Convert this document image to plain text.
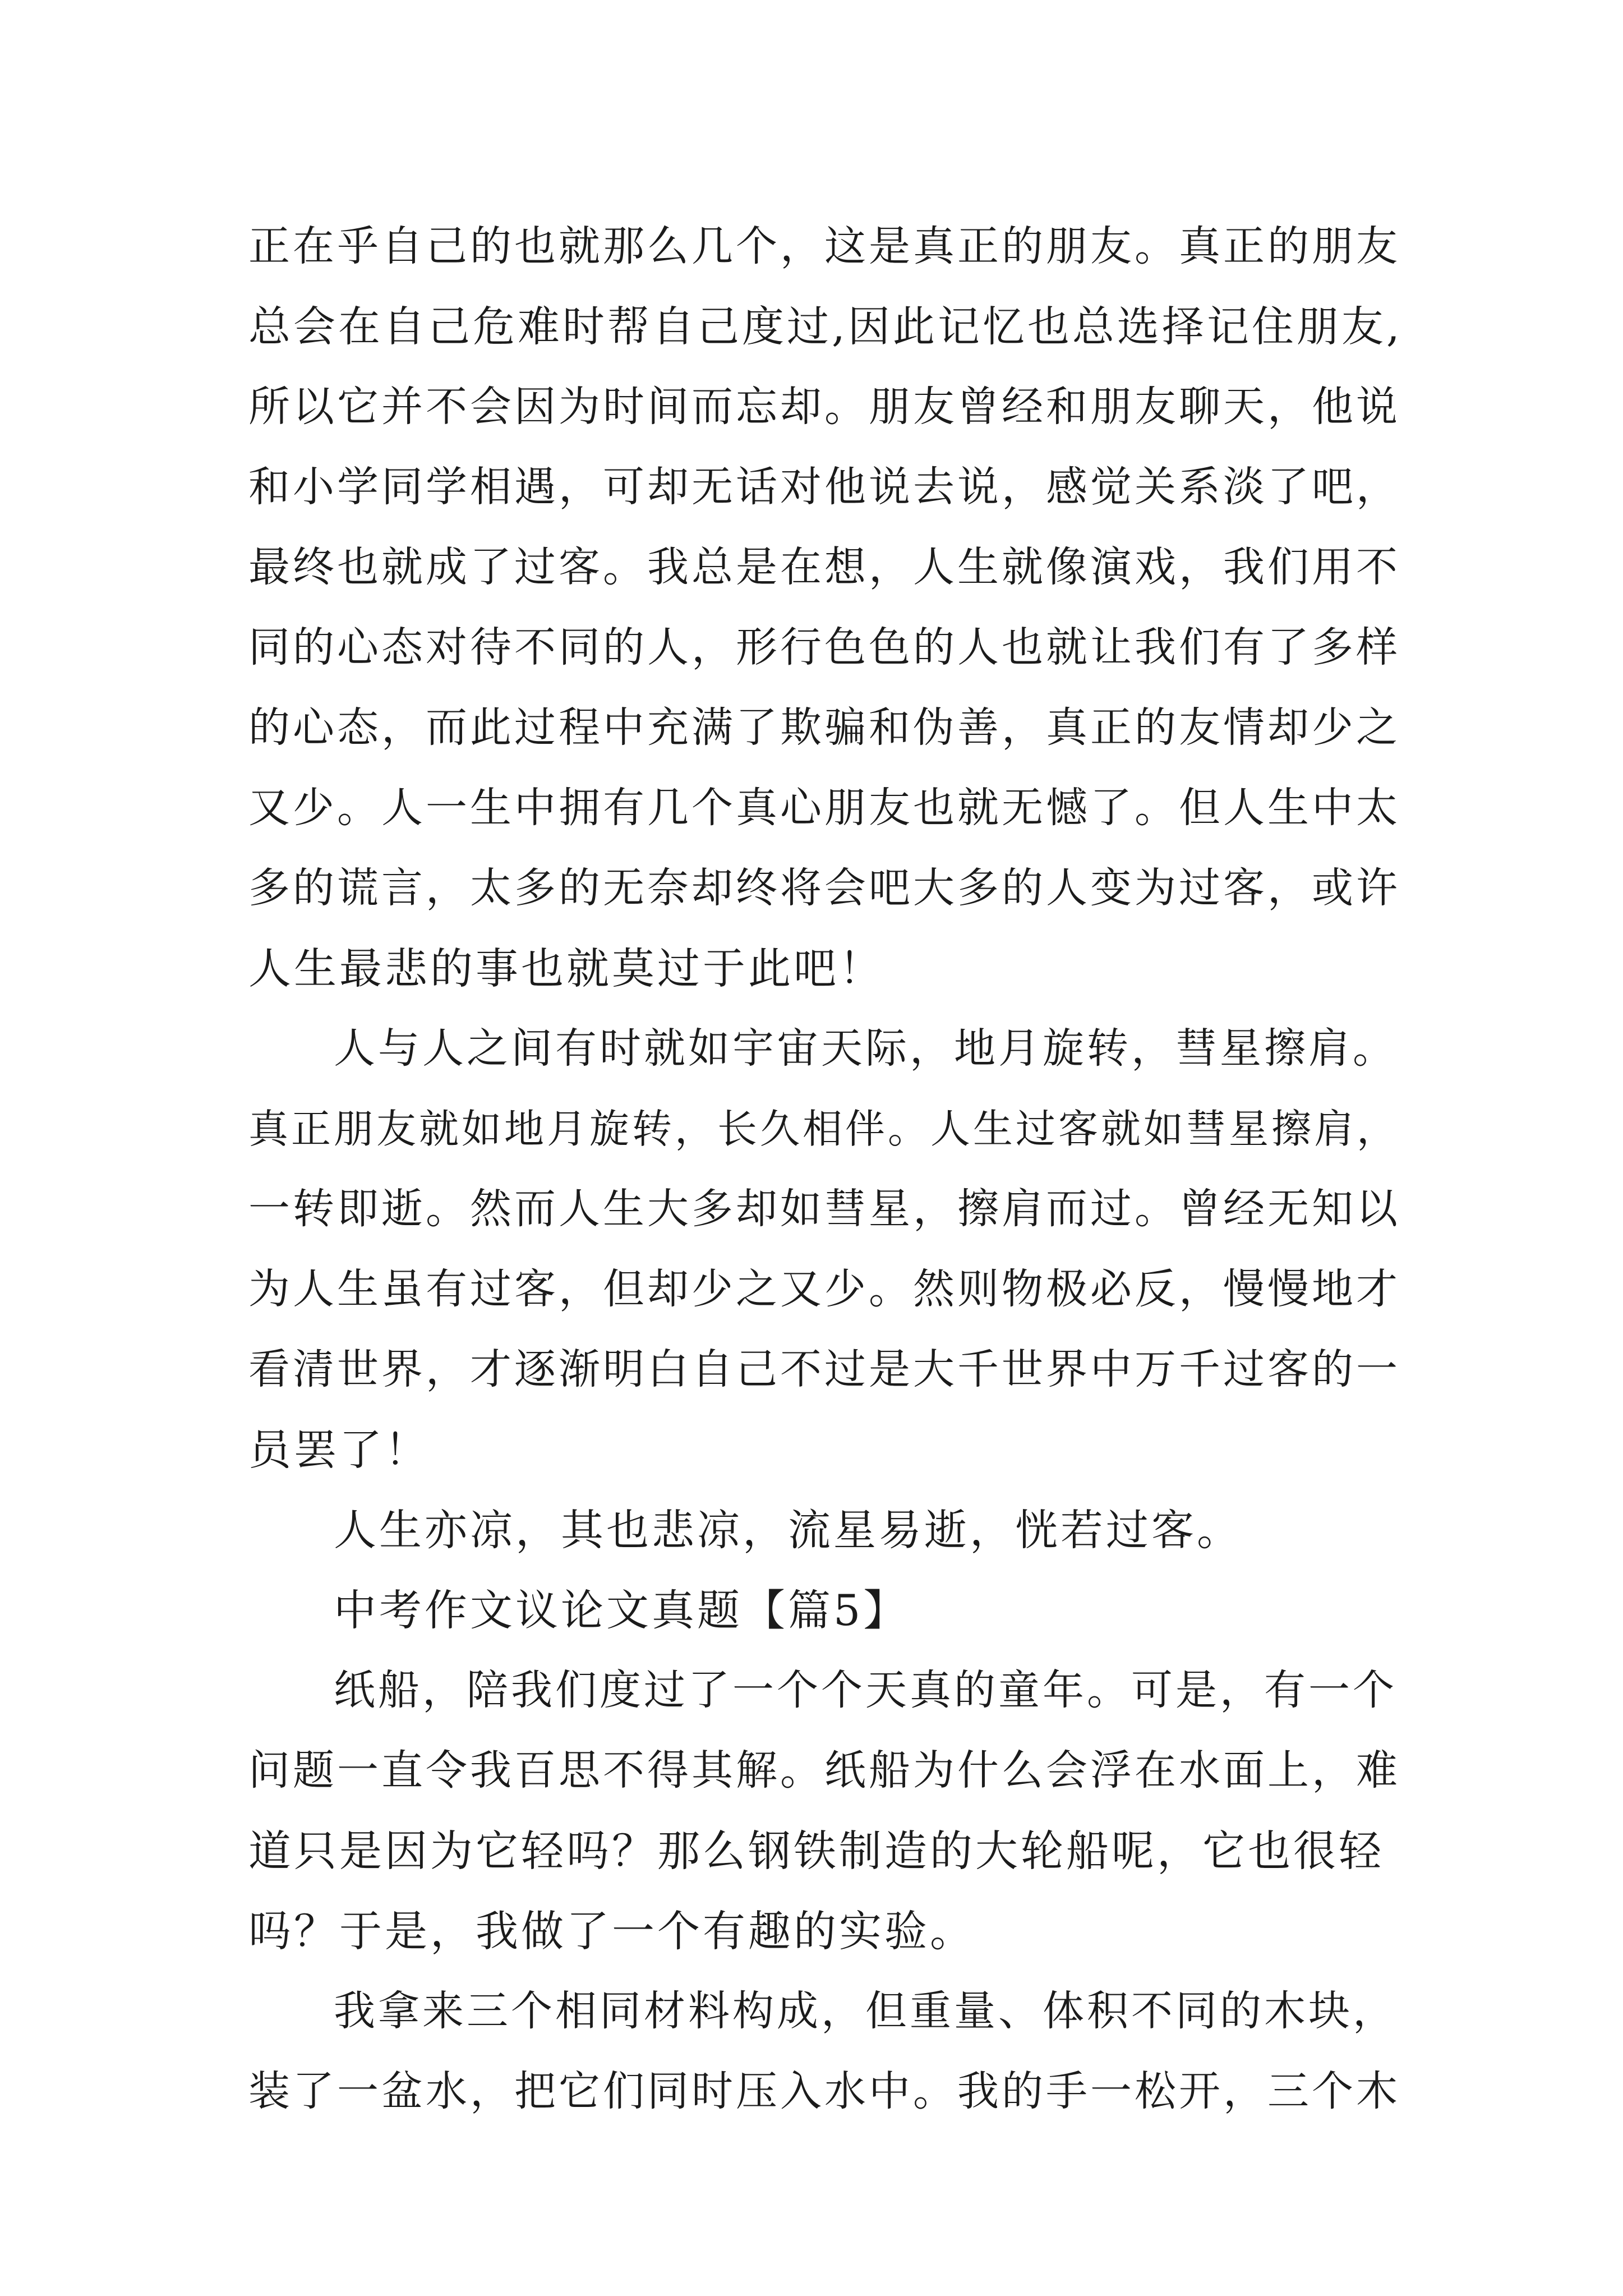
正在乎自己的也就那么几个，这是真正的朋友。真正的朋友
总会在自己危难时帮自己度过,因此记忆也总选择记住朋友,
所以它并不会因为时间而忘却。朋友曾经和朋友聊天，他说
和小学同学相遇，可却无话对他说去说，感觉关系淡了吧，
最终也就成了过客。我总是在想，人生就像演戏，我们用不
同的心态对待不同的人，形行色色的人也就让我们有了多样
的心态，而此过程中充满了欺骗和伪善，真正的友情却少之
又少。人一生中拥有几个真心朋友也就无憾了。但人生中太
多的谎言，太多的无奈却终将会吧大多的人变为过客，或许
人生最悲的事也就莫过于此吧！
人与人之间有时就如宇宙天际，地月旋转，彗星擦肩。
真正朋友就如地月旋转，长久相伴。人生过客就如彗星擦肩，
一转即逝。然而人生大多却如彗星，擦肩而过。曾经无知以
为人生虽有过客，但却少之又少。然则物极必反，慢慢地才
看清世界，才逐渐明白自己不过是大千世界中万千过客的一
员罢了！
人生亦凉，其也悲凉，流星易逝，恍若过客。
中考作文议论文真题【篇5】
纸船，陪我们度过了一个个天真的童年。可是，有一个
问题一直令我百思不得其解。纸船为什么会浮在水面上，难
道只是因为它轻吗？那么钢铁制造的大轮船呢，它也很轻
吗？于是，我做了一个有趣的实验。
我拿来三个相同材料构成，但重量、体积不同的木块，
装了一盆水，把它们同时压入水中。我的手一松开，三个木
